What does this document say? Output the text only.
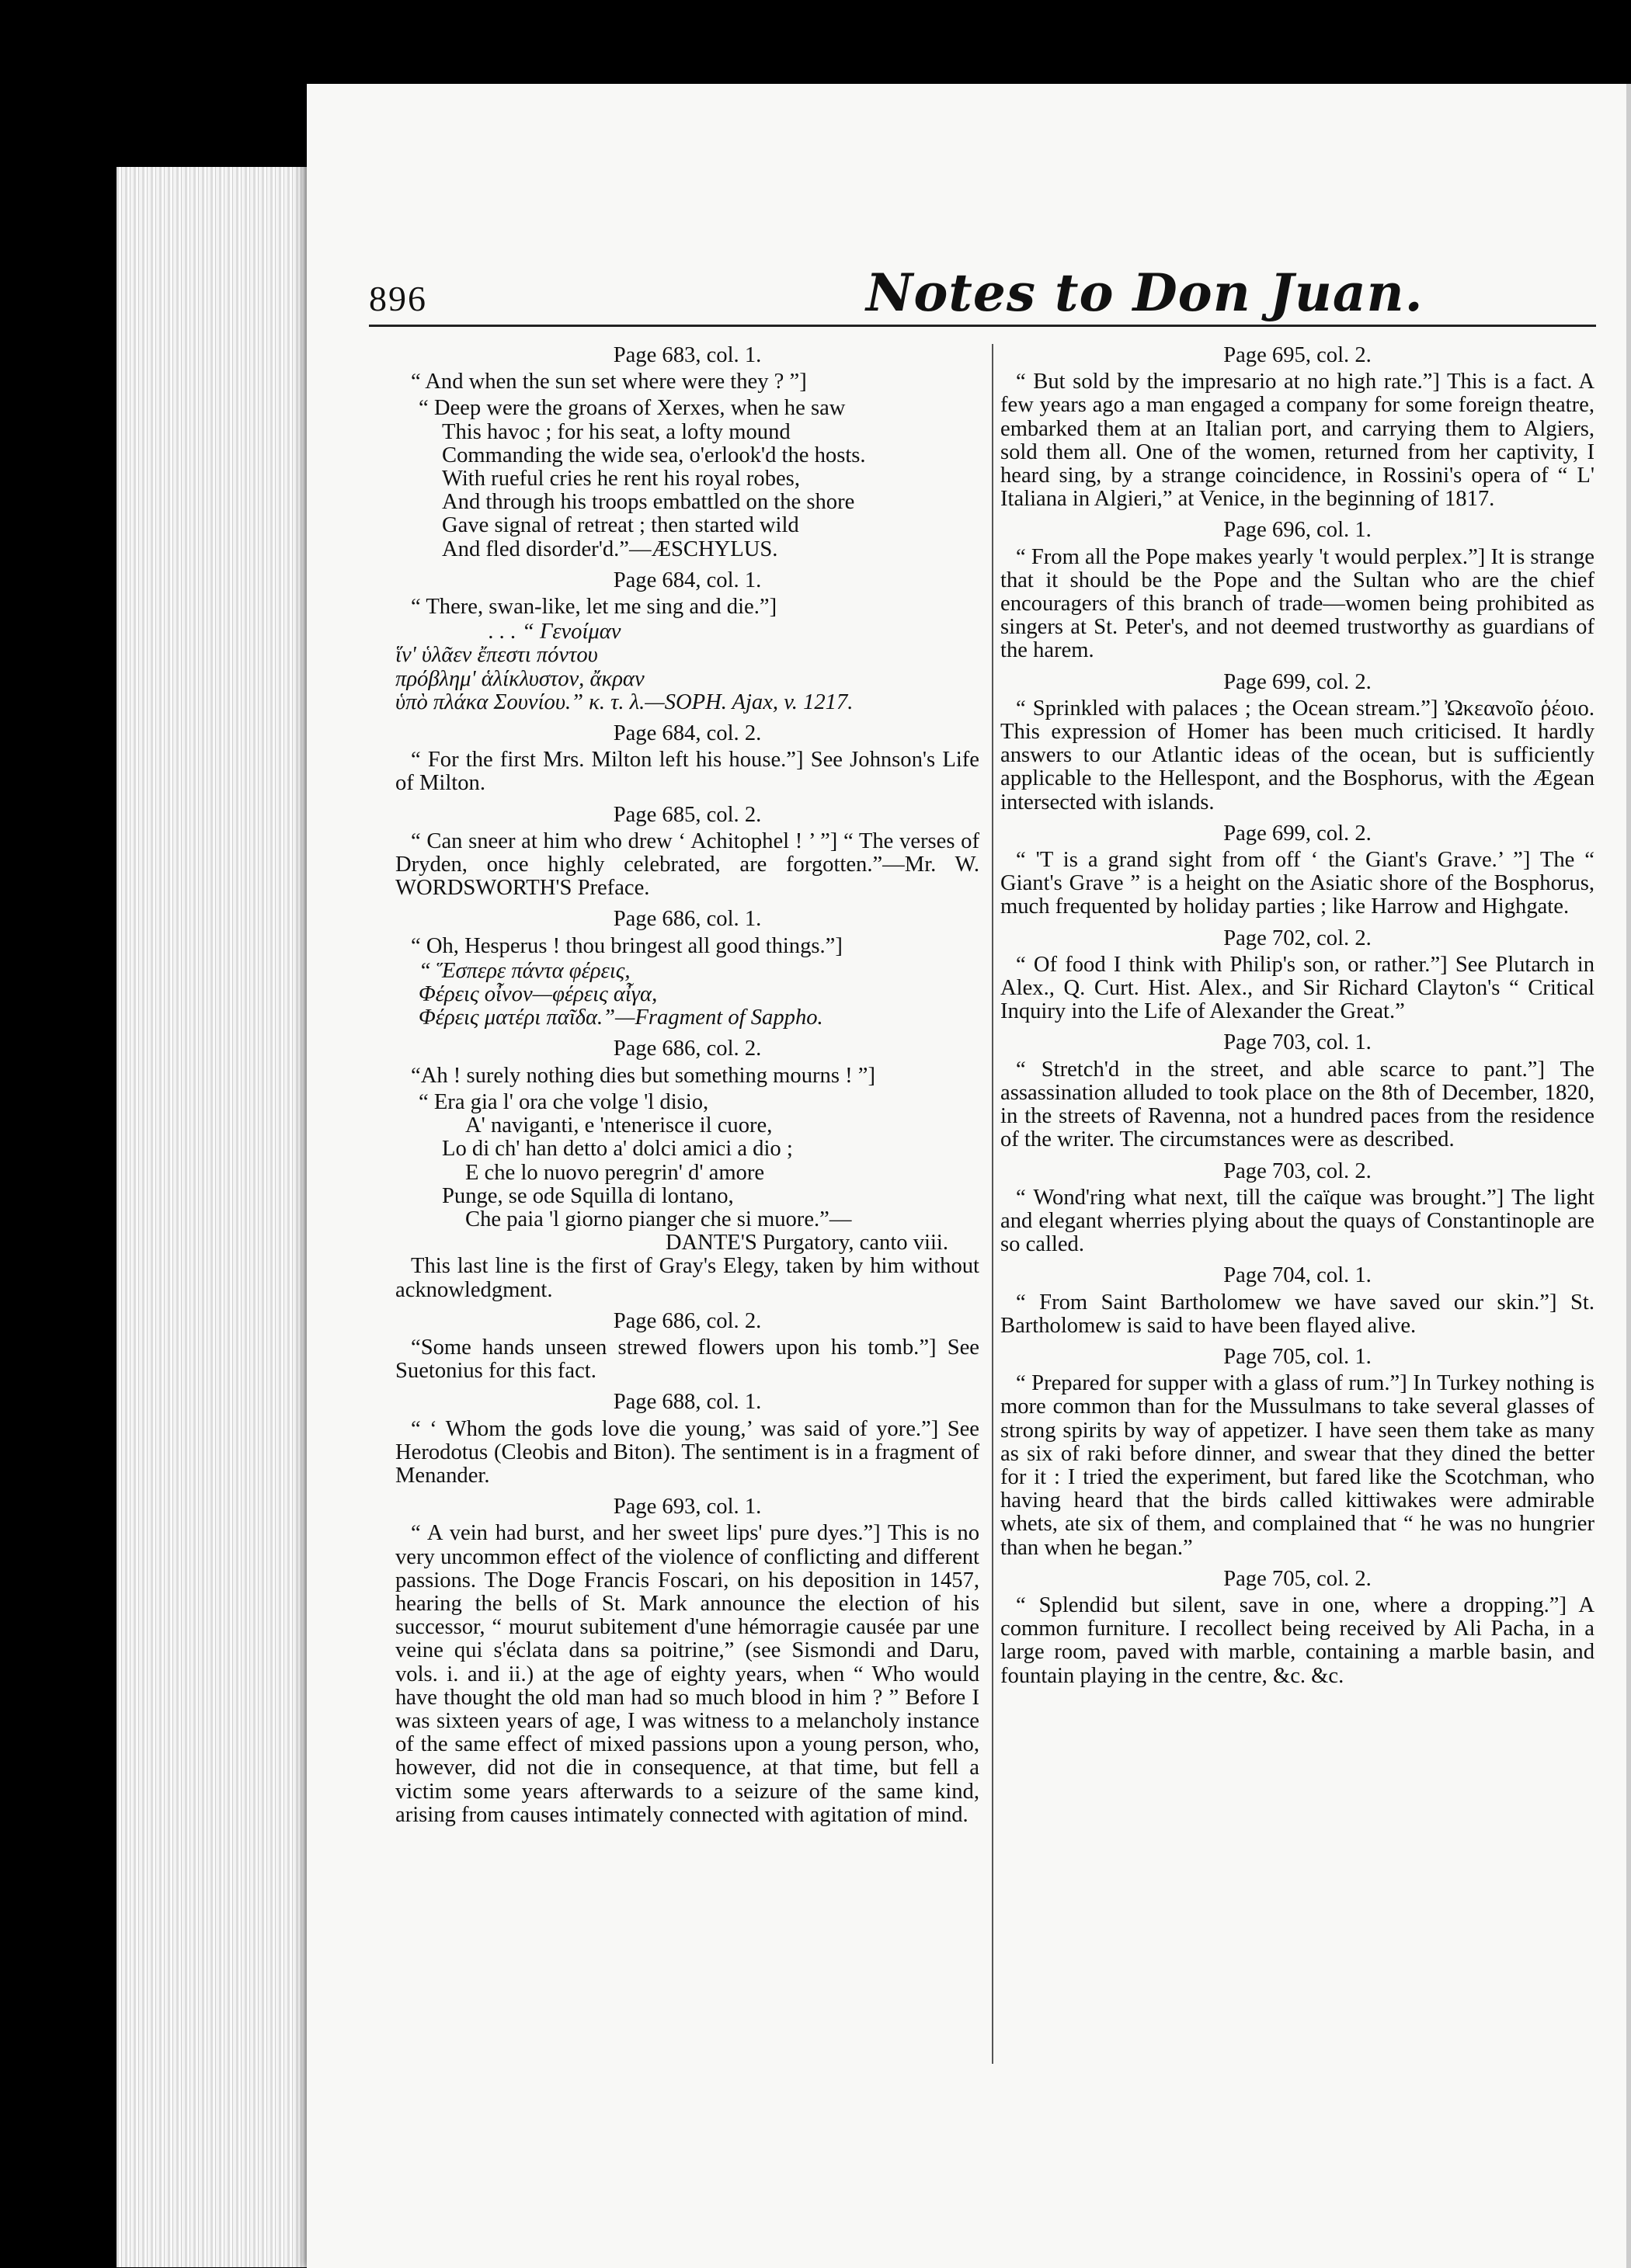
896	Notes to Don Juan.
Page 683, col. 1.

“ And when the sun set where were they ? ”]

“ Deep were the groans of Xerxes, when he saw
This havoc ; for his seat, a lofty mound
Commanding the wide sea, o'erlook'd the hosts.
With rueful cries he rent his royal robes,
And through his troops embattled on the shore
Gave signal of retreat ; then started wild
And fled disorder'd.”—ÆSCHYLUS.
Page 684, col. 1.

“ There, swan-like, let me sing and die.”]

. . . “ Γενοίμαν
ἵν' ὑλᾶεν ἔπεστι πόντου
πρόβλημ' ἁλίκλυστον, ἄκραν
ὑπὸ πλάκα Σουνίου.” κ. τ. λ.—SOPH. Ajax, v. 1217.
Page 684, col. 2.

“ For the first Mrs. Milton left his house.”] See Johnson's Life of Milton.

Page 685, col. 2.

“ Can sneer at him who drew ‘ Achitophel ! ’ ”] “ The verses of Dryden, once highly celebrated, are forgotten.”—Mr. W. WORDSWORTH'S Preface.

Page 686, col. 1.

“ Oh, Hesperus ! thou bringest all good things.”]

“ Ἕσπερε πάντα φέρεις,
Φέρεις οἶνον—φέρεις αἶγα,
Φέρεις ματέρι παῖδα.”—Fragment of Sappho.
Page 686, col. 2.

“Ah ! surely nothing dies but something mourns ! ”]

“ Era gia l' ora che volge 'l disio,
A' naviganti, e 'ntenerisce il cuore,
Lo di ch' han detto a' dolci amici a dio ;
E che lo nuovo peregrin' d' amore
Punge, se ode Squilla di lontano,
Che paia 'l giorno pianger che si muore.”—
DANTE'S Purgatory, canto viii.

This last line is the first of Gray's Elegy, taken by him without acknowledgment.

Page 686, col. 2.

“Some hands unseen strewed flowers upon his tomb.”] See Suetonius for this fact.

Page 688, col. 1.

“ ‘ Whom the gods love die young,’ was said of yore.”] See Herodotus (Cleobis and Biton). The sentiment is in a fragment of Menander.

Page 693, col. 1.

“ A vein had burst, and her sweet lips' pure dyes.”] This is no very uncommon effect of the violence of conflicting and different passions. The Doge Francis Foscari, on his deposition in 1457, hearing the bells of St. Mark announce the election of his successor, “ mourut subitement d'une hémorragie causée par une veine qui s'éclata dans sa poitrine,” (see Sismondi and Daru, vols. i. and ii.) at the age of eighty years, when “ Who would have thought the old man had so much blood in him ? ” Before I was sixteen years of age, I was witness to a melancholy instance of the same effect of mixed passions upon a young person, who, however, did not die in consequence, at that time, but fell a victim some years afterwards to a seizure of the same kind, arising from causes intimately connected with agitation of mind.

Page 695, col. 2.

“ But sold by the impresario at no high rate.”] This is a fact. A few years ago a man engaged a company for some foreign theatre, embarked them at an Italian port, and carrying them to Algiers, sold them all. One of the women, returned from her captivity, I heard sing, by a strange coincidence, in Rossini's opera of “ L' Italiana in Algieri,” at Venice, in the beginning of 1817.

Page 696, col. 1.

“ From all the Pope makes yearly 't would perplex.”] It is strange that it should be the Pope and the Sultan who are the chief encouragers of this branch of trade—women being prohibited as singers at St. Peter's, and not deemed trustworthy as guardians of the harem.

Page 699, col. 2.

“ Sprinkled with palaces ; the Ocean stream.”] Ὠκεανοῖο ῥέοιο. This expression of Homer has been much criticised. It hardly answers to our Atlantic ideas of the ocean, but is sufficiently applicable to the Hellespont, and the Bosphorus, with the Ægean intersected with islands.

Page 699, col. 2.

“ 'T is a grand sight from off ‘ the Giant's Grave.’ ”] The “ Giant's Grave ” is a height on the Asiatic shore of the Bosphorus, much frequented by holiday parties ; like Harrow and Highgate.

Page 702, col. 2.

“ Of food I think with Philip's son, or rather.”] See Plutarch in Alex., Q. Curt. Hist. Alex., and Sir Richard Clayton's “ Critical Inquiry into the Life of Alexander the Great.”

Page 703, col. 1.

“ Stretch'd in the street, and able scarce to pant.”] The assassination alluded to took place on the 8th of December, 1820, in the streets of Ravenna, not a hundred paces from the residence of the writer. The circumstances were as described.

Page 703, col. 2.

“ Wond'ring what next, till the caïque was brought.”] The light and elegant wherries plying about the quays of Constantinople are so called.

Page 704, col. 1.

“ From Saint Bartholomew we have saved our skin.”] St. Bartholomew is said to have been flayed alive.

Page 705, col. 1.

“ Prepared for supper with a glass of rum.”] In Turkey nothing is more common than for the Mussulmans to take several glasses of strong spirits by way of appetizer. I have seen them take as many as six of raki before dinner, and swear that they dined the better for it : I tried the experiment, but fared like the Scotchman, who having heard that the birds called kittiwakes were admirable whets, ate six of them, and complained that “ he was no hungrier than when he began.”

Page 705, col. 2.

“ Splendid but silent, save in one, where a dropping.”] A common furniture. I recollect being received by Ali Pacha, in a large room, paved with marble, containing a marble basin, and fountain playing in the centre, &c. &c.
